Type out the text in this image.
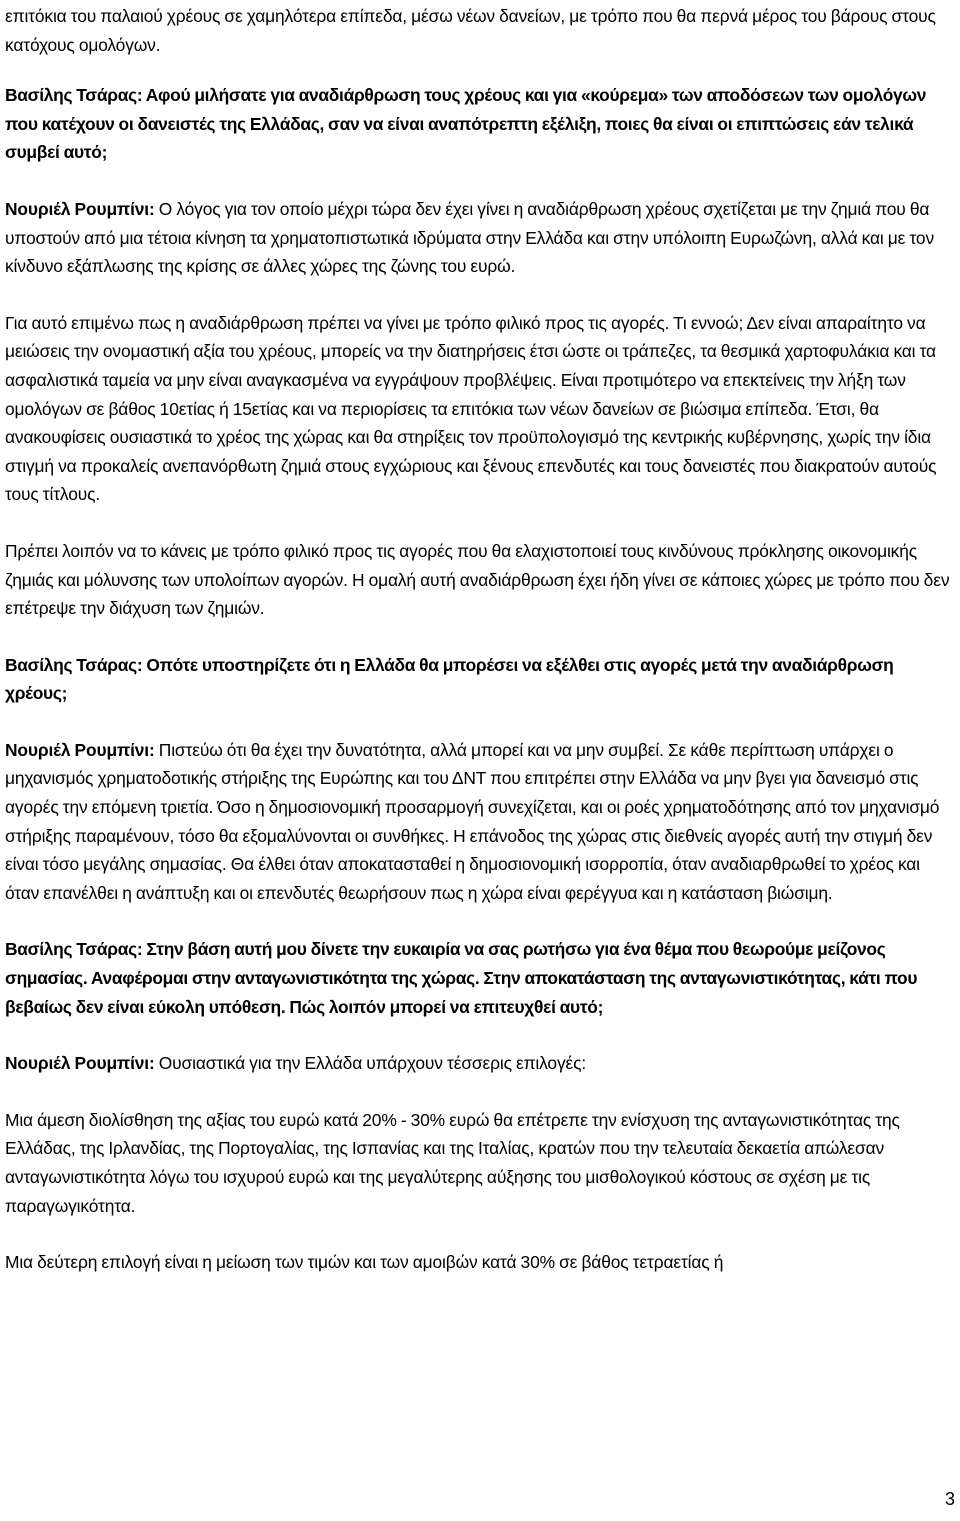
επιτόκια του παλαιού χρέους σε χαμηλότερα επίπεδα, μέσω νέων δανείων, με τρόπο που θα περνά μέρος του βάρους στους κατόχους ομολόγων.

Βασίλης Τσάρας: Αφού μιλήσατε για αναδιάρθρωση τους χρέους και για «κούρεμα» των αποδόσεων των ομολόγων που κατέχουν οι δανειστές της Ελλάδας, σαν να είναι αναπότρεπτη εξέλιξη, ποιες θα είναι οι επιπτώσεις εάν τελικά συμβεί αυτό;

Νουριέλ Ρουμπίνι: Ο λόγος για τον οποίο μέχρι τώρα δεν έχει γίνει η αναδιάρθρωση χρέους σχετίζεται με την ζημιά που θα υποστούν από μια τέτοια κίνηση τα χρηματοπιστωτικά ιδρύματα στην Ελλάδα και στην υπόλοιπη Ευρωζώνη, αλλά και με τον κίνδυνο εξάπλωσης της κρίσης σε άλλες χώρες της ζώνης του ευρώ.

Για αυτό επιμένω πως η αναδιάρθρωση πρέπει να γίνει με τρόπο φιλικό προς τις αγορές. Τι εννοώ; Δεν είναι απαραίτητο να μειώσεις την ονομαστική αξία του χρέους, μπορείς να την διατηρήσεις έτσι ώστε οι τράπεζες, τα θεσμικά χαρτοφυλάκια και τα ασφαλιστικά ταμεία να μην είναι αναγκασμένα να εγγράψουν προβλέψεις. Είναι προτιμότερο να επεκτείνεις την λήξη των ομολόγων σε βάθος 10ετίας ή 15ετίας και να περιορίσεις τα επιτόκια των νέων δανείων σε βιώσιμα επίπεδα. Έτσι, θα ανακουφίσεις ουσιαστικά το χρέος της χώρας και θα στηρίξεις τον προϋπολογισμό της κεντρικής κυβέρνησης, χωρίς την ίδια στιγμή να προκαλείς ανεπανόρθωτη ζημιά στους εγχώριους και ξένους επενδυτές και τους δανειστές που διακρατούν αυτούς τους τίτλους.

Πρέπει λοιπόν να το κάνεις με τρόπο φιλικό προς τις αγορές που θα ελαχιστοποιεί τους κινδύνους πρόκλησης οικονομικής ζημιάς και μόλυνσης των υπολοίπων αγορών. Η ομαλή αυτή αναδιάρθρωση έχει ήδη γίνει σε κάποιες χώρες με τρόπο που δεν επέτρεψε την διάχυση των ζημιών.

Βασίλης Τσάρας: Οπότε υποστηρίζετε ότι η Ελλάδα θα μπορέσει να εξέλθει στις αγορές μετά την αναδιάρθρωση χρέους;

Νουριέλ Ρουμπίνι: Πιστεύω ότι θα έχει την δυνατότητα, αλλά μπορεί και να μην συμβεί. Σε κάθε περίπτωση υπάρχει ο μηχανισμός χρηματοδοτικής στήριξης της Ευρώπης και του ΔΝΤ που επιτρέπει στην Ελλάδα να μην βγει για δανεισμό στις αγορές την επόμενη τριετία. Όσο η δημοσιονομική προσαρμογή συνεχίζεται, και οι ροές χρηματοδότησης από τον μηχανισμό στήριξης παραμένουν, τόσο θα εξομαλύνονται οι συνθήκες. Η επάνοδος της χώρας στις διεθνείς αγορές αυτή την στιγμή δεν είναι τόσο μεγάλης σημασίας. Θα έλθει όταν αποκατασταθεί η δημοσιονομική ισορροπία, όταν αναδιαρθρωθεί το χρέος και όταν επανέλθει η ανάπτυξη και οι επενδυτές θεωρήσουν πως η χώρα είναι φερέγγυα και η κατάσταση βιώσιμη.

Βασίλης Τσάρας: Στην βάση αυτή μου δίνετε την ευκαιρία να σας ρωτήσω για ένα θέμα που θεωρούμε μείζονος σημασίας. Αναφέρομαι στην ανταγωνιστικότητα της χώρας. Στην αποκατάσταση της ανταγωνιστικότητας, κάτι που βεβαίως δεν είναι εύκολη υπόθεση. Πώς λοιπόν μπορεί να επιτευχθεί αυτό;

Νουριέλ Ρουμπίνι: Ουσιαστικά για την Ελλάδα υπάρχουν τέσσερις επιλογές:

Μια άμεση διολίσθηση της αξίας του ευρώ κατά 20% - 30% ευρώ θα επέτρεπε την ενίσχυση της ανταγωνιστικότητας της Ελλάδας, της Ιρλανδίας, της Πορτογαλίας, της Ισπανίας και της Ιταλίας, κρατών που την τελευταία δεκαετία απώλεσαν ανταγωνιστικότητα λόγω του ισχυρού ευρώ και της μεγαλύτερης αύξησης του μισθολογικού κόστους σε σχέση με τις παραγωγικότητα.

Μια δεύτερη επιλογή είναι η μείωση των τιμών και των αμοιβών κατά 30% σε βάθος τετραετίας ή

3
